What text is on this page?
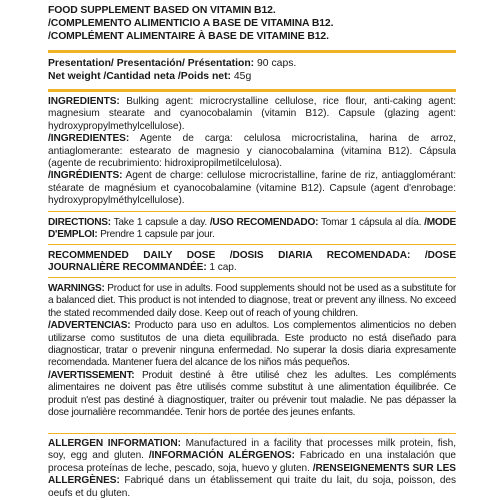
FOOD SUPPLEMENT BASED ON VITAMIN B12.
/COMPLEMENTO ALIMENTICIO A BASE DE VITAMINA B12.
/COMPLÉMENT ALIMENTAIRE À BASE DE VITAMINE B12.
Presentation/ Presentación/ Présentation: 90 caps.
Net weight /Cantidad neta /Poids net: 45g

INGREDIENTS: Bulking agent: microcrystalline cellulose, rice flour, anti-caking agent: magnesium stearate and cyanocobalamin (vitamin B12). Capsule (glazing agent: hydroxypropylmethylcellulose).

/INGREDIENTES: Agente de carga: celulosa microcristalina, harina de arroz, antiaglomerante: estearato de magnesio y cianocobalamina (vitamina B12). Cápsula (agente de recubrimiento: hidroxipropilmetilcelulosa).

/INGRÉDIENTS: Agent de charge: cellulose microcristalline, farine de riz, antiagglomérant: stéarate de magnésium et cyanocobalamine (vitamine B12). Capsule (agent d'enrobage: hydroxypropylméthylcellulose).

DIRECTIONS: Take 1 capsule a day. /USO RECOMENDADO: Tomar 1 cápsula al día. /MODE D'EMPLOI: Prendre 1 capsule par jour.

RECOMMENDED DAILY DOSE /DOSIS DIARIA RECOMENDADA: /DOSE JOURNALIÈRE RECOMMANDÉE: 1 cap.

WARNINGS: Product for use in adults. Food supplements should not be used as a substitute for a balanced diet. This product is not intended to diagnose, treat or prevent any illness. No exceed the stated recommended daily dose. Keep out of reach of young children.

/ADVERTENCIAS: Producto para uso en adultos. Los complementos alimenticios no deben utilizarse como sustitutos de una dieta equilibrada. Este producto no está diseñado para diagnosticar, tratar o prevenir ninguna enfermedad. No superar la dosis diaria expresamente recomendada. Mantener fuera del alcance de los niños más pequeños.

/AVERTISSEMENT: Produit destiné à être utilisé chez les adultes. Les compléments alimentaires ne doivent pas être utilisés comme substitut à une alimentation équilibrée. Ce produit n'est pas destiné à diagnostiquer, traiter ou prévenir tout maladie. Ne pas dépasser la dose journalière recommandée. Tenir hors de portée des jeunes enfants.

ALLERGEN INFORMATION: Manufactured in a facility that processes milk protein, fish, soy, egg and gluten. /INFORMACIÓN ALÉRGENOS: Fabricado en una instalación que procesa proteínas de leche, pescado, soja, huevo y gluten. /RENSEIGNEMENTS SUR LES ALLERGÈNES: Fabriqué dans un établissement qui traite du lait, du soja, poisson, des oeufs et du gluten.
